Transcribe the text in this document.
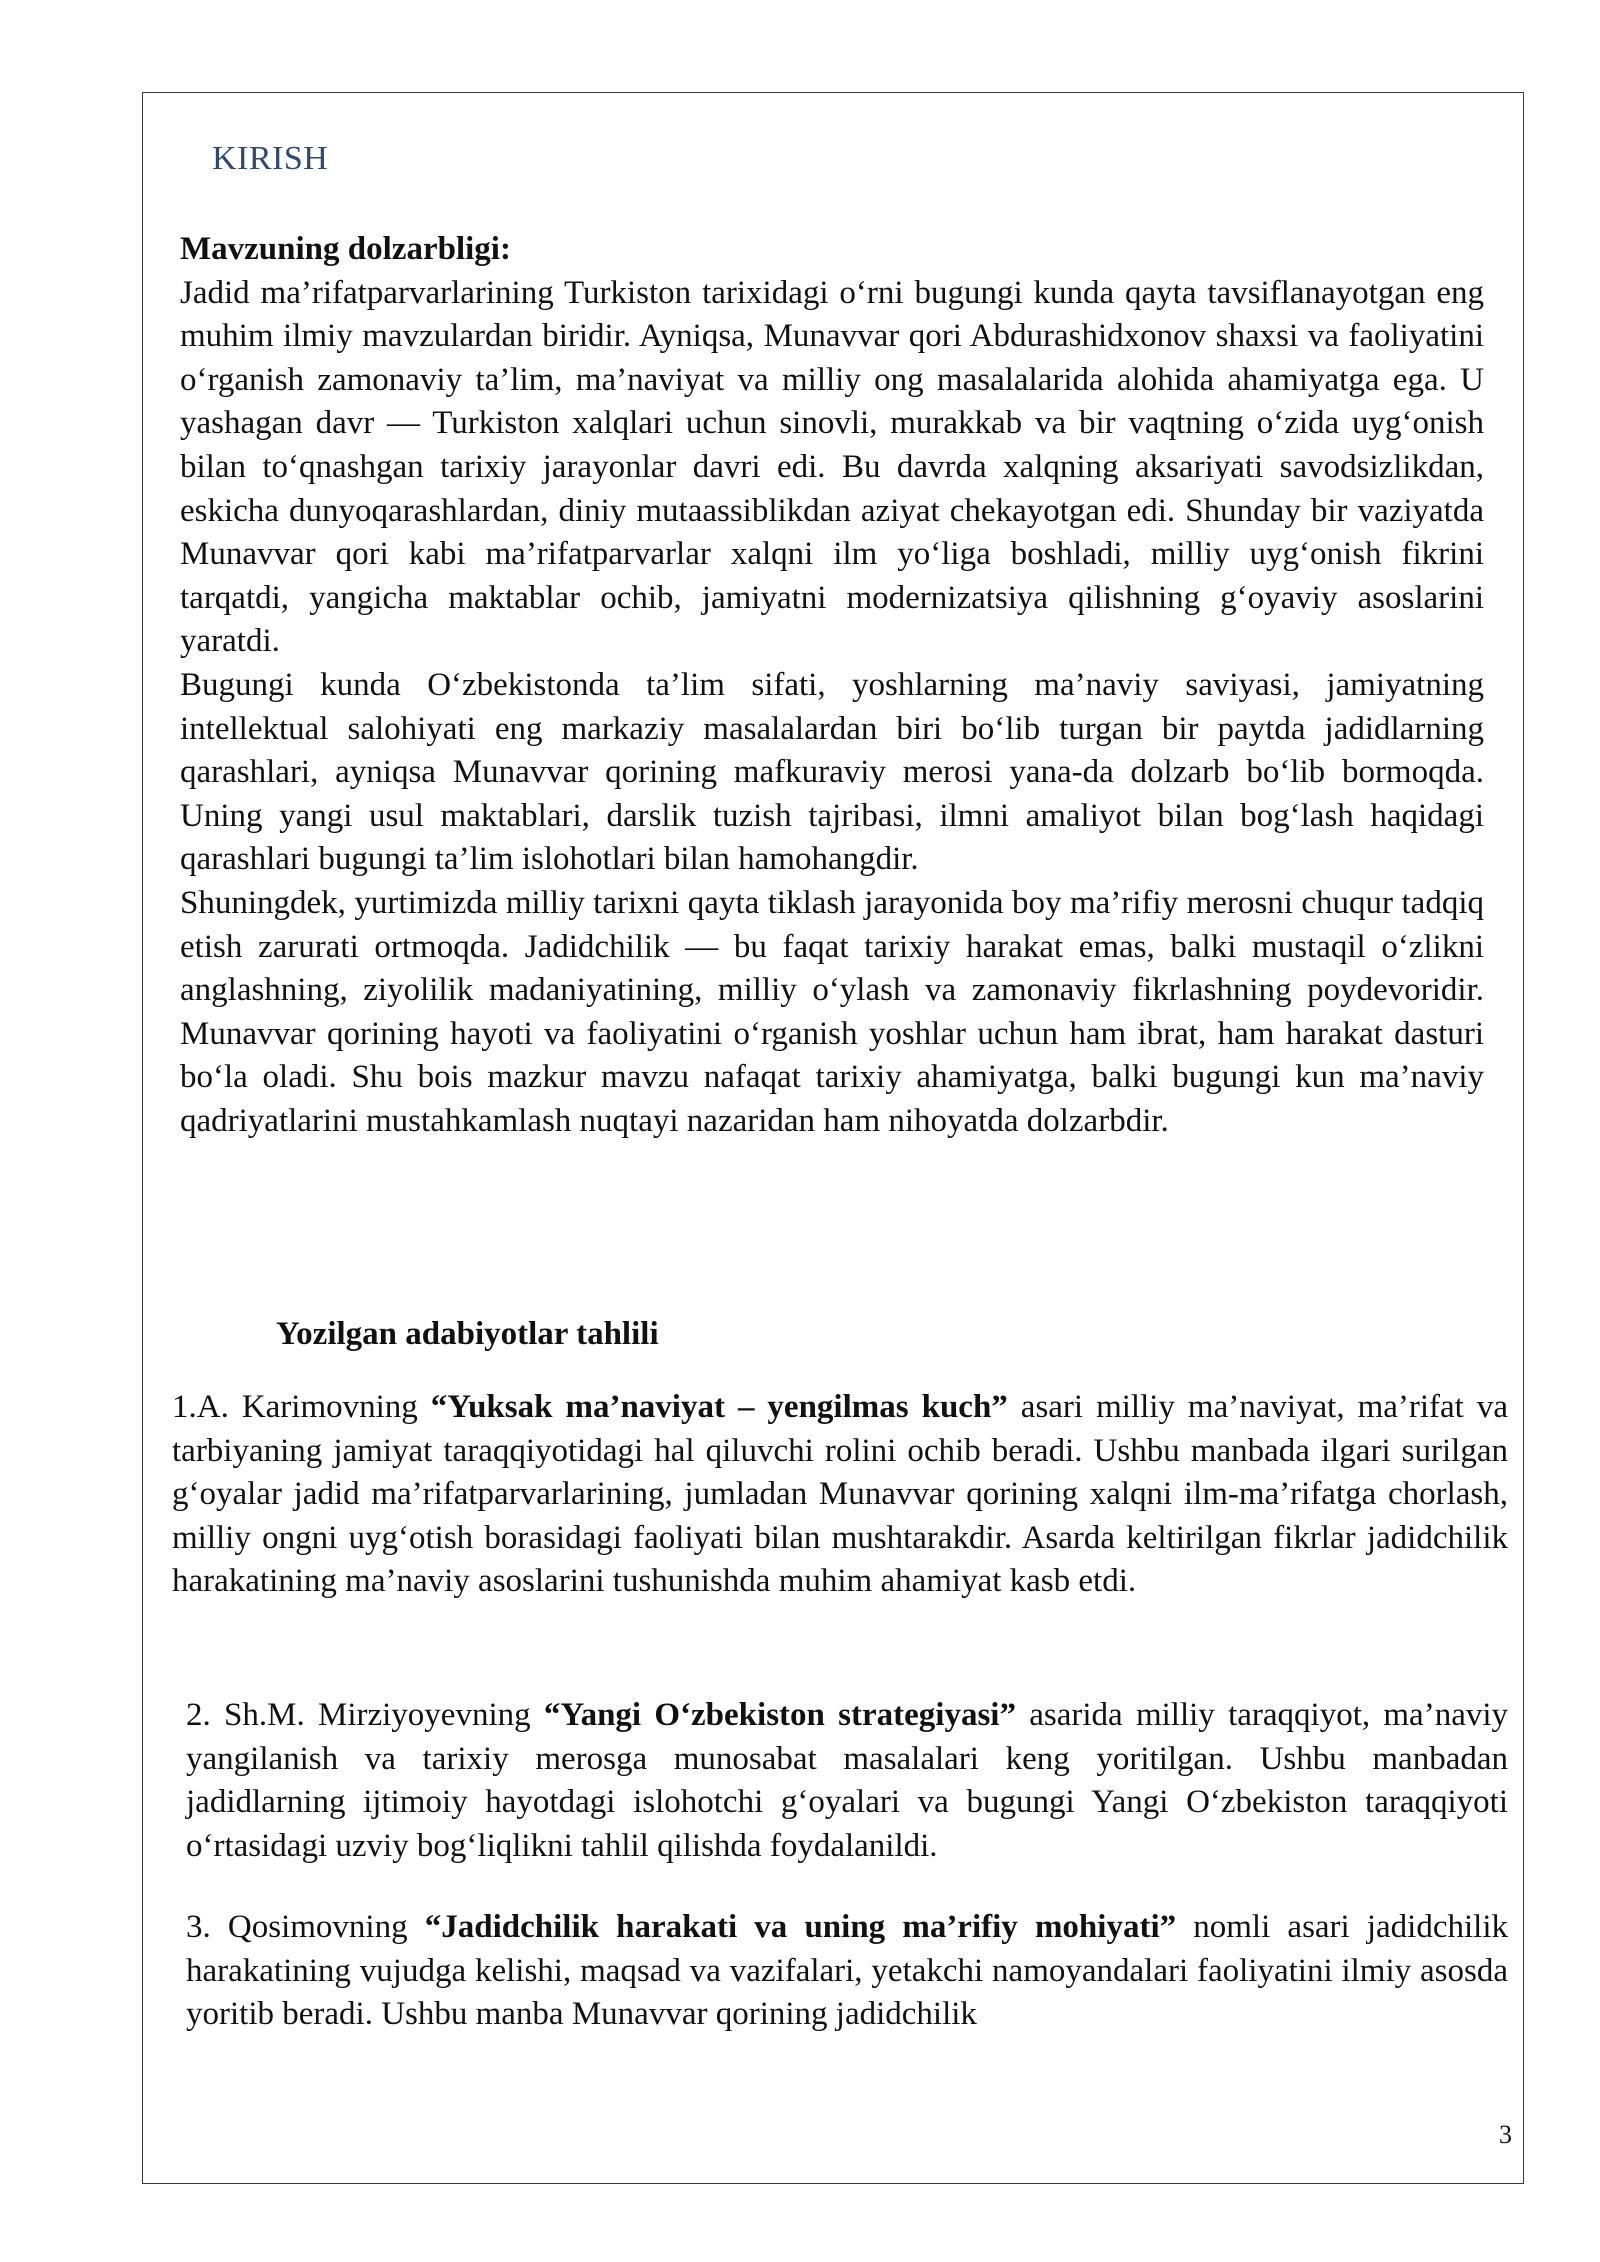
KIRISH

Mavzuning dolzarbligi:

Jadid ma’rifatparvarlarining Turkiston tarixidagi o‘rni bugungi kunda qayta tavsiflanayotgan eng muhim ilmiy mavzulardan biridir. Ayniqsa, Munavvar qori Abdurashidxonov shaxsi va faoliyatini o‘rganish zamonaviy ta’lim, ma’naviyat va milliy ong masalalarida alohida ahamiyatga ega. U yashagan davr — Turkiston xalqlari uchun sinovli, murakkab va bir vaqtning o‘zida uyg‘onish bilan to‘qnashgan tarixiy jarayonlar davri edi. Bu davrda xalqning aksariyati savodsizlikdan, eskicha dunyoqarashlardan, diniy mutaassiblikdan aziyat chekayotgan edi. Shunday bir vaziyatda Munavvar qori kabi ma’rifatparvarlar xalqni ilm yo‘liga boshladi, milliy uyg‘onish fikrini tarqatdi, yangicha maktablar ochib, jamiyatni modernizatsiya qilishning g‘oyaviy asoslarini yaratdi.

Bugungi kunda O‘zbekistonda ta’lim sifati, yoshlarning ma’naviy saviyasi, jamiyatning intellektual salohiyati eng markaziy masalalardan biri bo‘lib turgan bir paytda jadidlarning qarashlari, ayniqsa Munavvar qorining mafkuraviy merosi yana-da dolzarb bo‘lib bormoqda. Uning yangi usul maktablari, darslik tuzish tajribasi, ilmni amaliyot bilan bog‘lash haqidagi qarashlari bugungi ta’lim islohotlari bilan hamohangdir.

Shuningdek, yurtimizda milliy tarixni qayta tiklash jarayonida boy ma’rifiy merosni chuqur tadqiq etish zarurati ortmoqda. Jadidchilik — bu faqat tarixiy harakat emas, balki mustaqil o‘zlikni anglashning, ziyolilik madaniyatining, milliy o‘ylash va zamonaviy fikrlashning poydevoridir. Munavvar qorining hayoti va faoliyatini o‘rganish yoshlar uchun ham ibrat, ham harakat dasturi bo‘la oladi. Shu bois mazkur mavzu nafaqat tarixiy ahamiyatga, balki bugungi kun ma’naviy qadriyatlarini mustahkamlash nuqtayi nazaridan ham nihoyatda dolzarbdir.

Yozilgan adabiyotlar tahlili

1.A. Karimovning “Yuksak ma’naviyat – yengilmas kuch” asari milliy ma’naviyat, ma’rifat va tarbiyaning jamiyat taraqqiyotidagi hal qiluvchi rolini ochib beradi. Ushbu manbada ilgari surilgan g‘oyalar jadid ma’rifatparvarlarining, jumladan Munavvar qorining xalqni ilm-ma’rifatga chorlash, milliy ongni uyg‘otish borasidagi faoliyati bilan mushtarakdir. Asarda keltirilgan fikrlar jadidchilik harakatining ma’naviy asoslarini tushunishda muhim ahamiyat kasb etdi.

2. Sh.M. Mirziyoyevning “Yangi O‘zbekiston strategiyasi” asarida milliy taraqqiyot, ma’naviy yangilanish va tarixiy merosga munosabat masalalari keng yoritilgan. Ushbu manbadan jadidlarning ijtimoiy hayotdagi islohotchi g‘oyalari va bugungi Yangi O‘zbekiston taraqqiyoti o‘rtasidagi uzviy bog‘liqlikni tahlil qilishda foydalanildi.

3. Qosimovning “Jadidchilik harakati va uning ma’rifiy mohiyati” nomli asari jadidchilik harakatining vujudga kelishi, maqsad va vazifalari, yetakchi namoyandalari faoliyatini ilmiy asosda yoritib beradi. Ushbu manba Munavvar qorining jadidchilik

3
